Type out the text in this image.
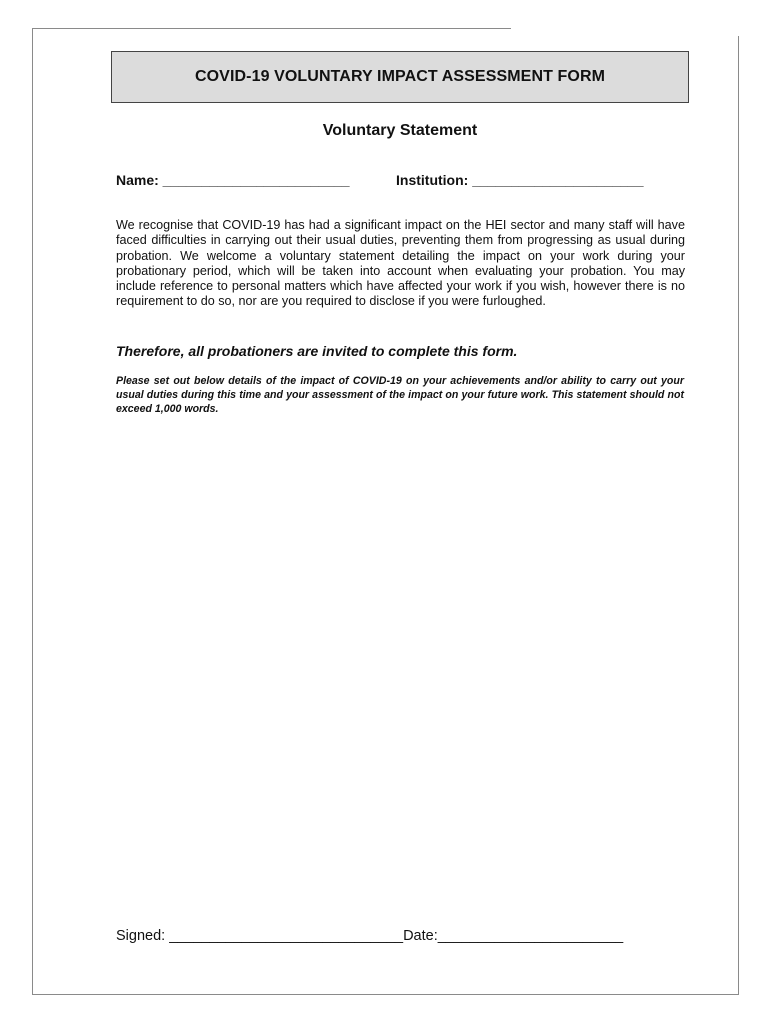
COVID-19 VOLUNTARY IMPACT ASSESSMENT FORM
Voluntary Statement
Name: ________________________	Institution: ______________________

We recognise that COVID-19 has had a significant impact on the HEI sector and many staff will have faced difficulties in carrying out their usual duties, preventing them from progressing as usual during probation. We welcome a voluntary statement detailing the impact on your work during your probationary period, which will be taken into account when evaluating your probation. You may include reference to personal matters which have affected your work if you wish, however there is no requirement to do so, nor are you required to disclose if you were furloughed.

Therefore, all probationers are invited to complete this form.

Please set out below details of the impact of COVID-19 on your achievements and/or ability to carry out your usual duties during this time and your assessment of the impact on your future work. This statement should not exceed 1,000 words.

Signed: _____________________________Date:_______________________
